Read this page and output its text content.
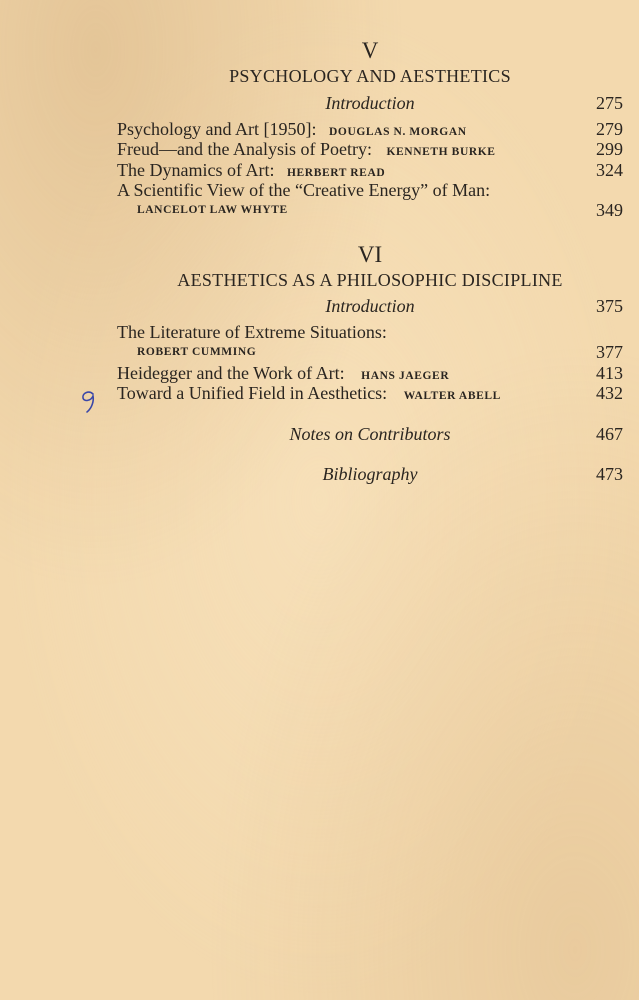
V
PSYCHOLOGY AND AESTHETICS
Introduction	275
Psychology and Art [1950]: DOUGLAS N. MORGAN	279
Freud—and the Analysis of Poetry: KENNETH BURKE	299
The Dynamics of Art: HERBERT READ	324
A Scientific View of the “Creative Energy” of Man:
LANCELOT LAW WHYTE	349
VI
AESTHETICS AS A PHILOSOPHIC DISCIPLINE
Introduction	375
The Literature of Extreme Situations:
ROBERT CUMMING	377
Heidegger and the Work of Art: HANS JAEGER	413
Toward a Unified Field in Aesthetics: WALTER ABELL	432
Notes on Contributors	467
Bibliography	473
